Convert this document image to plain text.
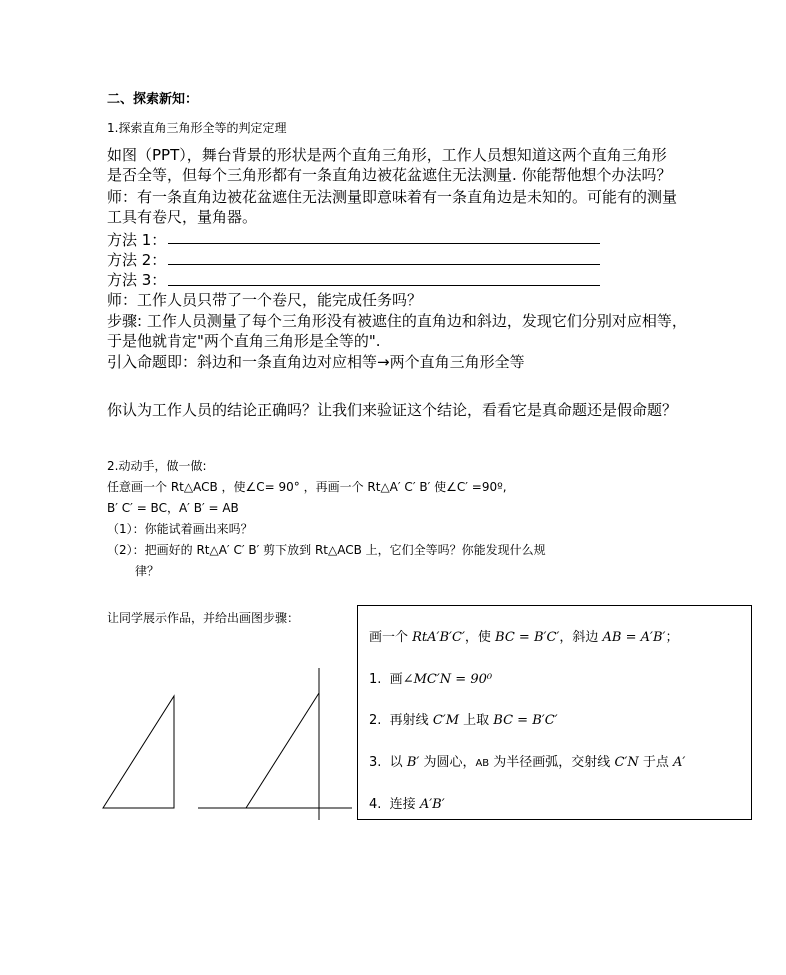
二、探索新知：
1.探索直角三角形全等的判定定理
如图（PPT），舞台背景的形状是两个直角三角形，工作人员想知道这两个直角三角形
是否全等，但每个三角形都有一条直角边被花盆遮住无法测量. 你能帮他想个办法吗？
师：有一条直角边被花盆遮住无法测量即意味着有一条直角边是未知的。可能有的测量
工具有卷尺，量角器。
方法 1：
方法 2：
方法 3：
师：工作人员只带了一个卷尺，能完成任务吗？
步骤: 工作人员测量了每个三角形没有被遮住的直角边和斜边，发现它们分别对应相等，
于是他就肯定"两个直角三角形是全等的".
引入命题即：斜边和一条直角边对应相等→两个直角三角形全等
你认为工作人员的结论正确吗？让我们来验证这个结论，看看它是真命题还是假命题？
2.动动手，做一做:
任意画一个 Rt△ACB ，使∠C= 90° ，再画一个 Rt△A′ C′ B′ 使∠C′ =90º,
B′ C′ = BC，A′ B′ = AB
（1）：你能试着画出来吗？
（2）：把画好的 Rt△A′ C′ B′ 剪下放到 Rt△ACB 上，它们全等吗？你能发现什么规
律？
让同学展示作品，并给出画图步骤：
画一个 RtA′B′C′，使 BC = B′C′，斜边 AB = A′B′；
1. 画∠MC′N = 90⁰
2. 再射线 C′M 上取 BC = B′C′
3. 以 B′ 为圆心，AB 为半径画弧，交射线 C′N 于点 A′
4. 连接 A′B′
